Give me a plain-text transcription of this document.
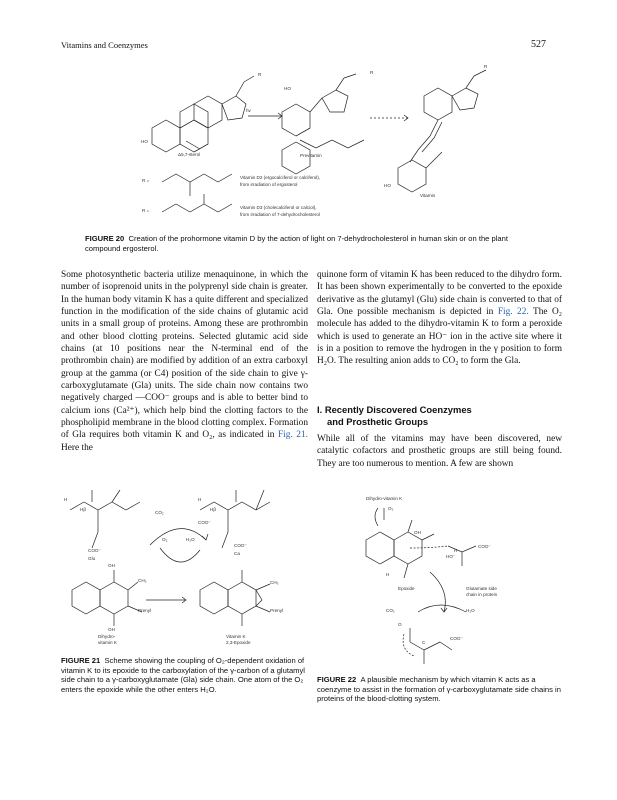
Vitamins and Coenzymes	527
hv
HO
HO
HO
R	R
R
Δ5,7-sterol	Previtamin
Vitamin
R =
R =
Vitamin D2 (ergocalciferol or calciferol),
from irradiation of ergosterol
Vitamin D3 (cholecalciferol or calciol),
from irradiation of 7-dehydrocholesterol
FIGURE 20 Creation of the prohormone vitamin D by the action of light on 7-dehydrocholesterol in human skin or on the plant compound ergosterol.

Some photosynthetic bacteria utilize menaquinone, in which the number of isoprenoid units in the polyprenyl side chain is greater. In the human body vitamin K has a quite different and specialized function in the modification of the side chains of glutamic acid units in a small group of proteins. Among these are prothrombin and other blood clotting proteins. Selected glutamic acid side chains (at 10 positions near the N-terminal end of the prothrombin chain) are modified by addition of an extra carboxyl group at the gamma (or C4) position of the side chain to give γ-carboxyglutamate (Gla) units. The side chain now contains two negatively charged —COO⁻ groups and is able to better bind to calcium ions (Ca²⁺), which help bind the clotting factors to the phospholipid membrane in the blood clotting complex. Formation of Gla requires both vitamin K and O₂, as indicated in Fig. 21. Here the

quinone form of vitamin K has been reduced to the dihydro form. It has been shown experimentally to be converted to the epoxide derivative as the glutamyl (Glu) side chain is converted to that of Gla. One possible mechanism is depicted in Fig. 22. The O₂ molecule has added to the dihydro-vitamin K to form a peroxide which is used to generate an HO⁻ ion in the active site where it is in a position to remove the hydrogen in the γ position to form H₂O. The resulting anion adds to CO₂ to form the Gla.

I. Recently Discovered Coenzymes
and Prosthetic Groups

While all of the vitamins may have been discovered, new catalytic cofactors and prosthetic groups are still being found. They are too numerous to mention. A few are shown

H
Hβ
COO⁻
Glu
CO₂
O₂	H₂O
COO⁻
Hβ
H
COO⁻
Ca
OH
OH
CH₃	CH₃
Prenyl	Prenyl
Dihydro-
vitamin K
Vitamin K
2,3-Epoxide
FIGURE 21 Scheme showing the coupling of O₂-dependent oxidation of vitamin K to its epoxide to the carboxylation of the γ-carbon of a glutamyl side chain to a γ-carboxyglutamate (Gla) side chain. One atom of the O₂ enters the epoxide while the other enters H₂O.
Dihydro-vitamin K
O₂
OH
COO⁻
HO⁻
H
H
Epoxide	Glutamate side
chain in protein
CO₂	H₂O
O
C
COO⁻
FIGURE 22 A plausible mechanism by which vitamin K acts as a coenzyme to assist in the formation of γ-carboxyglutamate side chains in proteins of the blood-clotting system.
